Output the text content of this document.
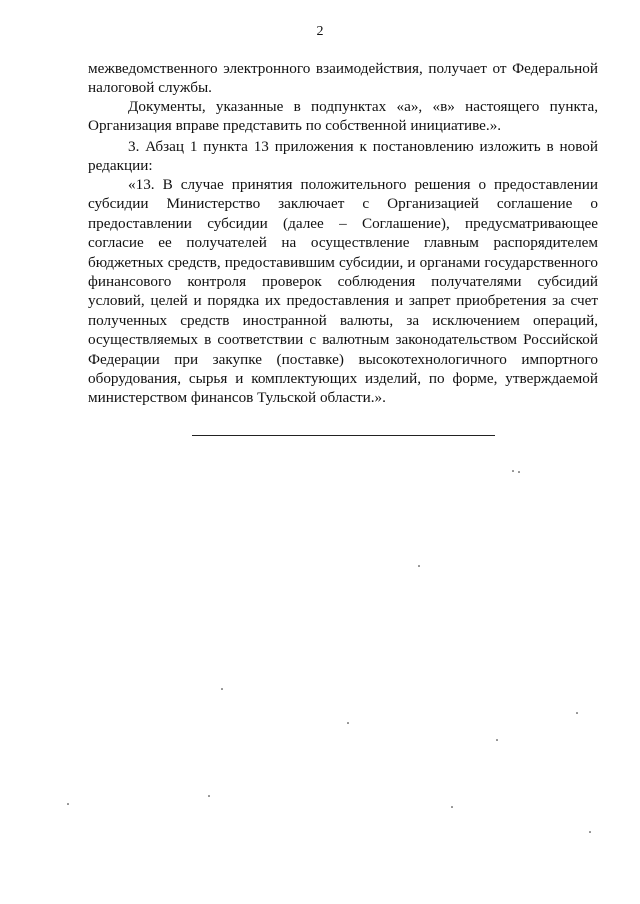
2
межведомственного электронного взаимодействия, получает от Федеральной
налоговой службы.
Документы, указанные в подпунктах «а», «в» настоящего пункта,
Организация вправе представить по собственной инициативе.».
3. Абзац 1 пункта 13 приложения к постановлению изложить в новой
редакции:
«13. В случае принятия положительного решения о предоставлении
субсидии Министерство заключает с Организацией соглашение о
предоставлении субсидии (далее – Соглашение), предусматривающее
согласие ее получателей на осуществление главным распорядителем
бюджетных средств, предоставившим субсидии, и органами государственного
финансового контроля проверок соблюдения получателями субсидий
условий, целей и порядка их предоставления и запрет приобретения за счет
полученных средств иностранной валюты, за исключением операций,
осуществляемых в соответствии с валютным законодательством Российской
Федерации при закупке (поставке) высокотехнологичного импортного
оборудования, сырья и комплектующих изделий, по форме, утверждаемой
министерством финансов Тульской области.».
